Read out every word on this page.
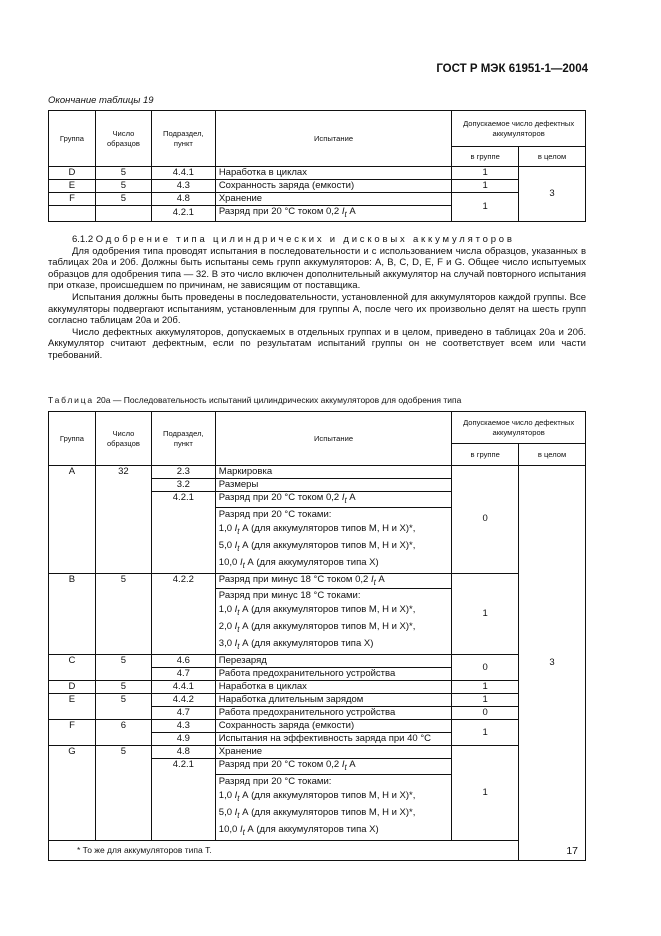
ГОСТ Р МЭК 61951-1—2004
Окончание таблицы 19
Группа	Число образцов	Подраздел, пункт	Испытание	Допускаемое число дефектных аккумуляторов	
				в группе	в целом
D	5	4.4.1	Наработка в циклах	1	3
E	5	4.3	Сохранность заряда (емкости)	1	
F	5	4.8	Хранение	1	
		4.2.1	Разряд при 20 °С током 0,2 $I_t$ А		

6.1.2 Одобрение типа цилиндрических и дисковых аккумуляторов

Для одобрения типа проводят испытания в последовательности и с использованием числа образцов, указанных в таблицах 20а и 20б. Должны быть испытаны семь групп аккумуляторов: А, В, С, D, E, F и G. Общее число испытуемых образцов для одобрения типа — 32. В это число включен дополнительный аккумулятор на случай повторного испытания при отказе, происшедшем по причинам, не зависящим от поставщика.

Испытания должны быть проведены в последовательности, установленной для аккумуляторов каждой группы. Все аккумуляторы подвергают испытаниям, установленным для группы А, после чего их произвольно делят на шесть групп согласно таблицам 20а и 20б.

Число дефектных аккумуляторов, допускаемых в отдельных группах и в целом, приведено в таблицах 20а и 20б. Аккумулятор считают дефектным, если по результатам испытаний группы он не соответствует всем или части требований.

Таблица 20а — Последовательность испытаний цилиндрических аккумуляторов для одобрения типа
Группа	Число образцов	Подраздел, пункт	Испытание	Допускаемое число дефектных аккумуляторов	
				в группе	в целом
A	32	2.3	Маркировка	0	3
		3.2	Размеры		
		4.2.1	Разряд при 20 °С током 0,2 $I_t$ А		

			Разряд при 20 °С токами:
1,0 $I_t$ А (для аккумуляторов типов М, Н и Х)*,
5,0 $I_t$ А (для аккумуляторов типов М, Н и Х)*,
10,0 $I_t$ А (для аккумуляторов типа Х)		

B	5	4.2.2	Разряд при минус 18 °С током 0,2 $I_t$ А	1	

			Разряд при минус 18 °С токами:
1,0 $I_t$ А (для аккумуляторов типов М, Н и Х)*,
2,0 $I_t$ А (для аккумуляторов типов М, Н и Х)*,
3,0 $I_t$ А (для аккумуляторов типа Х)		

C	5	4.6	Перезаряд	0	
		4.7	Работа предохранительного устройства		
D	5	4.4.1	Наработка в циклах	1	
E	5	4.4.2	Наработка длительным зарядом	1	
		4.7	Работа предохранительного устройства	0	
F	6	4.3	Сохранность заряда (емкости)	1	
		4.9	Испытания на эффективность заряда при 40 °С		
G	5	4.8	Хранение	1	
		4.2.1	Разряд при 20 °С током 0,2 $I_t$ А		

			Разряд при 20 °С токами:
1,0 $I_t$ А (для аккумуляторов типов М, Н и Х)*,
5,0 $I_t$ А (для аккумуляторов типов М, Н и Х)*,
10,0 $I_t$ А (для аккумуляторов типа Х)		

* То же для аккумуляторов типа Т.						17
